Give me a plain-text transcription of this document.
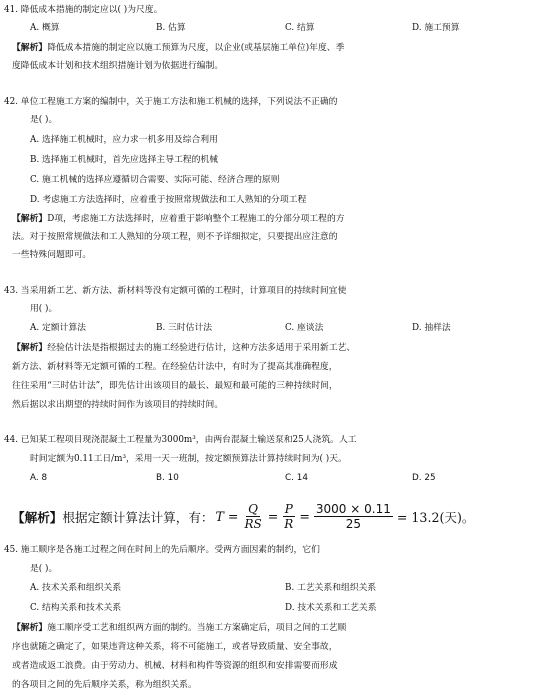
41. 降低成本措施的制定应以( )为尺度。
A. 概算	B. 估算	C. 结算	D. 施工预算
【解析】降低成本措施的制定应以施工预算为尺度，以企业(或基层施工单位)年度、季
度降低成本计划和技术组织措施计划为依据进行编制。
42. 单位工程施工方案的编制中，关于施工方法和施工机械的选择，下列说法不正确的
是( )。
A. 选择施工机械时，应力求一机多用及综合利用
B. 选择施工机械时，首先应选择主导工程的机械
C. 施工机械的选择应遵循切合需要、实际可能、经济合理的原则
D. 考虑施工方法选择时，应着重于按照常规做法和工人熟知的分项工程
【解析】D项，考虑施工方法选择时，应着重于影响整个工程施工的分部分项工程的方
法。对于按照常规做法和工人熟知的分项工程，则不予详细拟定，只要提出应注意的
一些特殊问题即可。
43. 当采用新工艺、新方法、新材料等没有定额可循的工程时，计算项目的持续时间宜使
用( )。
A. 定额计算法	B. 三时估计法	C. 座谈法	D. 抽样法
【解析】经验估计法是指根据过去的施工经验进行估计，这种方法多适用于采用新工艺、
新方法、新材料等无定额可循的工程。在经验估计法中，有时为了提高其准确程度，
往往采用“三时估计法”，即先估计出该项目的最长、最短和最可能的三种持续时间，
然后据以求出期望的持续时间作为该项目的持续时间。
44. 已知某工程项目现浇混凝土工程量为3000m³，由两台混凝土输送泵和25人浇筑。人工
时间定额为0.11工日/m³，采用一天一班制，按定额预算法计算持续时间为( )天。
A. 8	B. 10	C. 14	D. 25
【解析】 根据定额计算法计算，有： $T = \frac{Q}{RS} = \frac{P}{R} = \frac{3000 \times 0.11}{25} = 13.2$(天)。
45. 施工顺序是各施工过程之间在时间上的先后顺序。受两方面因素的制约，它们
是( )。
A. 技术关系和组织关系	B. 工艺关系和组织关系
C. 结构关系和技术关系	D. 技术关系和工艺关系
【解析】施工顺序受工艺和组织两方面的制约。当施工方案确定后，项目之间的工艺顺
序也就随之确定了，如果违背这种关系，将不可能施工，或者导致质量、安全事故，
或者造成返工浪费。由于劳动力、机械、材料和构件等资源的组织和安排需要而形成
的各项目之间的先后顺序关系，称为组织关系。
